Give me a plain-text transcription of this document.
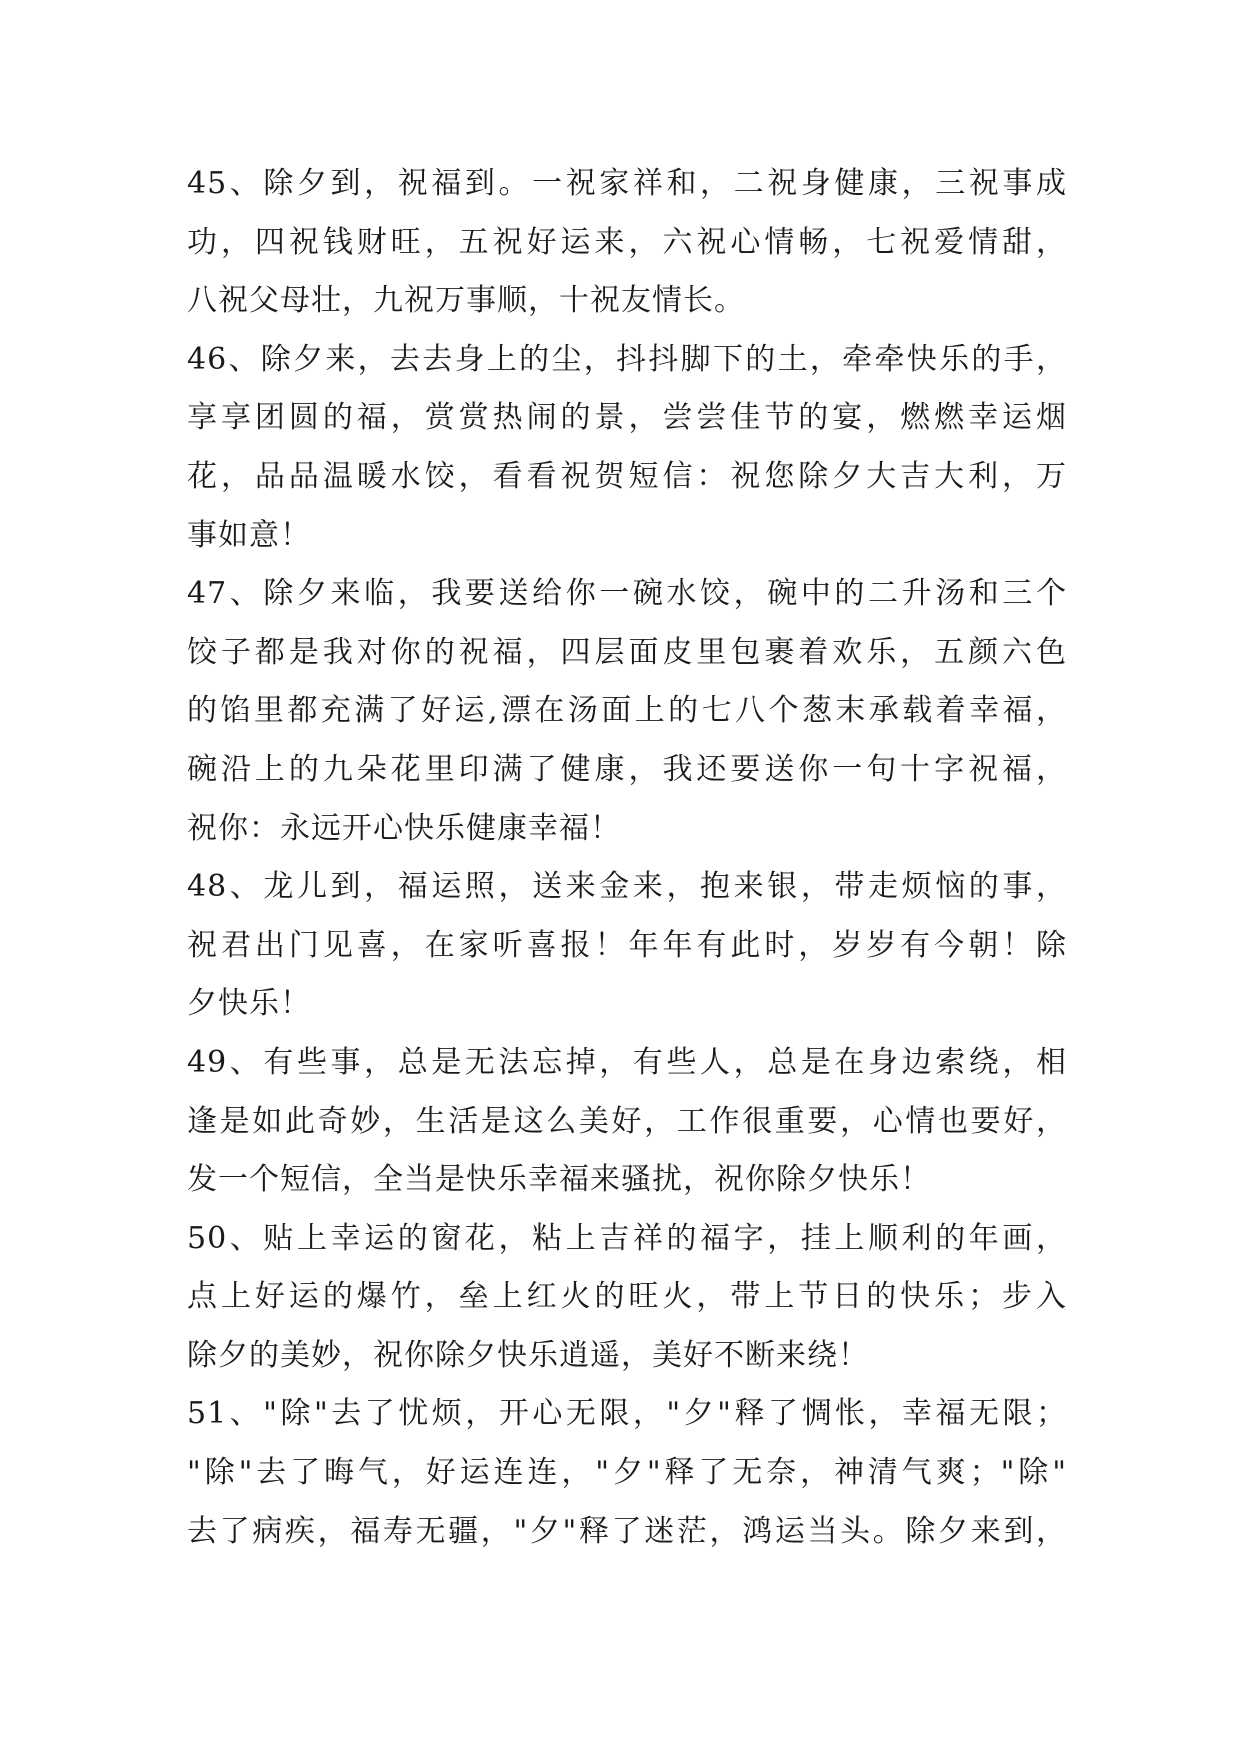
45、除夕到，祝福到。一祝家祥和，二祝身健康，三祝事成
功，四祝钱财旺，五祝好运来，六祝心情畅，七祝爱情甜，
八祝父母壮，九祝万事顺，十祝友情长。
46、除夕来，去去身上的尘，抖抖脚下的土，牵牵快乐的手，
享享团圆的福，赏赏热闹的景，尝尝佳节的宴，燃燃幸运烟
花，品品温暖水饺，看看祝贺短信：祝您除夕大吉大利，万
事如意！
47、除夕来临，我要送给你一碗水饺，碗中的二升汤和三个
饺子都是我对你的祝福，四层面皮里包裹着欢乐，五颜六色
的馅里都充满了好运,漂在汤面上的七八个葱末承载着幸福，
碗沿上的九朵花里印满了健康，我还要送你一句十字祝福，
祝你：永远开心快乐健康幸福！
48、龙儿到，福运照，送来金来，抱来银，带走烦恼的事，
祝君出门见喜，在家听喜报！年年有此时，岁岁有今朝！除
夕快乐！
49、有些事，总是无法忘掉，有些人，总是在身边索绕，相
逢是如此奇妙，生活是这么美好，工作很重要，心情也要好，
发一个短信，全当是快乐幸福来骚扰，祝你除夕快乐！
50、贴上幸运的窗花，粘上吉祥的福字，挂上顺利的年画，
点上好运的爆竹，垒上红火的旺火，带上节日的快乐；步入
除夕的美妙，祝你除夕快乐逍遥，美好不断来绕！
51、"除"去了忧烦，开心无限，"夕"释了惆怅，幸福无限；
"除"去了晦气，好运连连，"夕"释了无奈，神清气爽；"除"
去了病疾，福寿无疆，"夕"释了迷茫，鸿运当头。除夕来到，
